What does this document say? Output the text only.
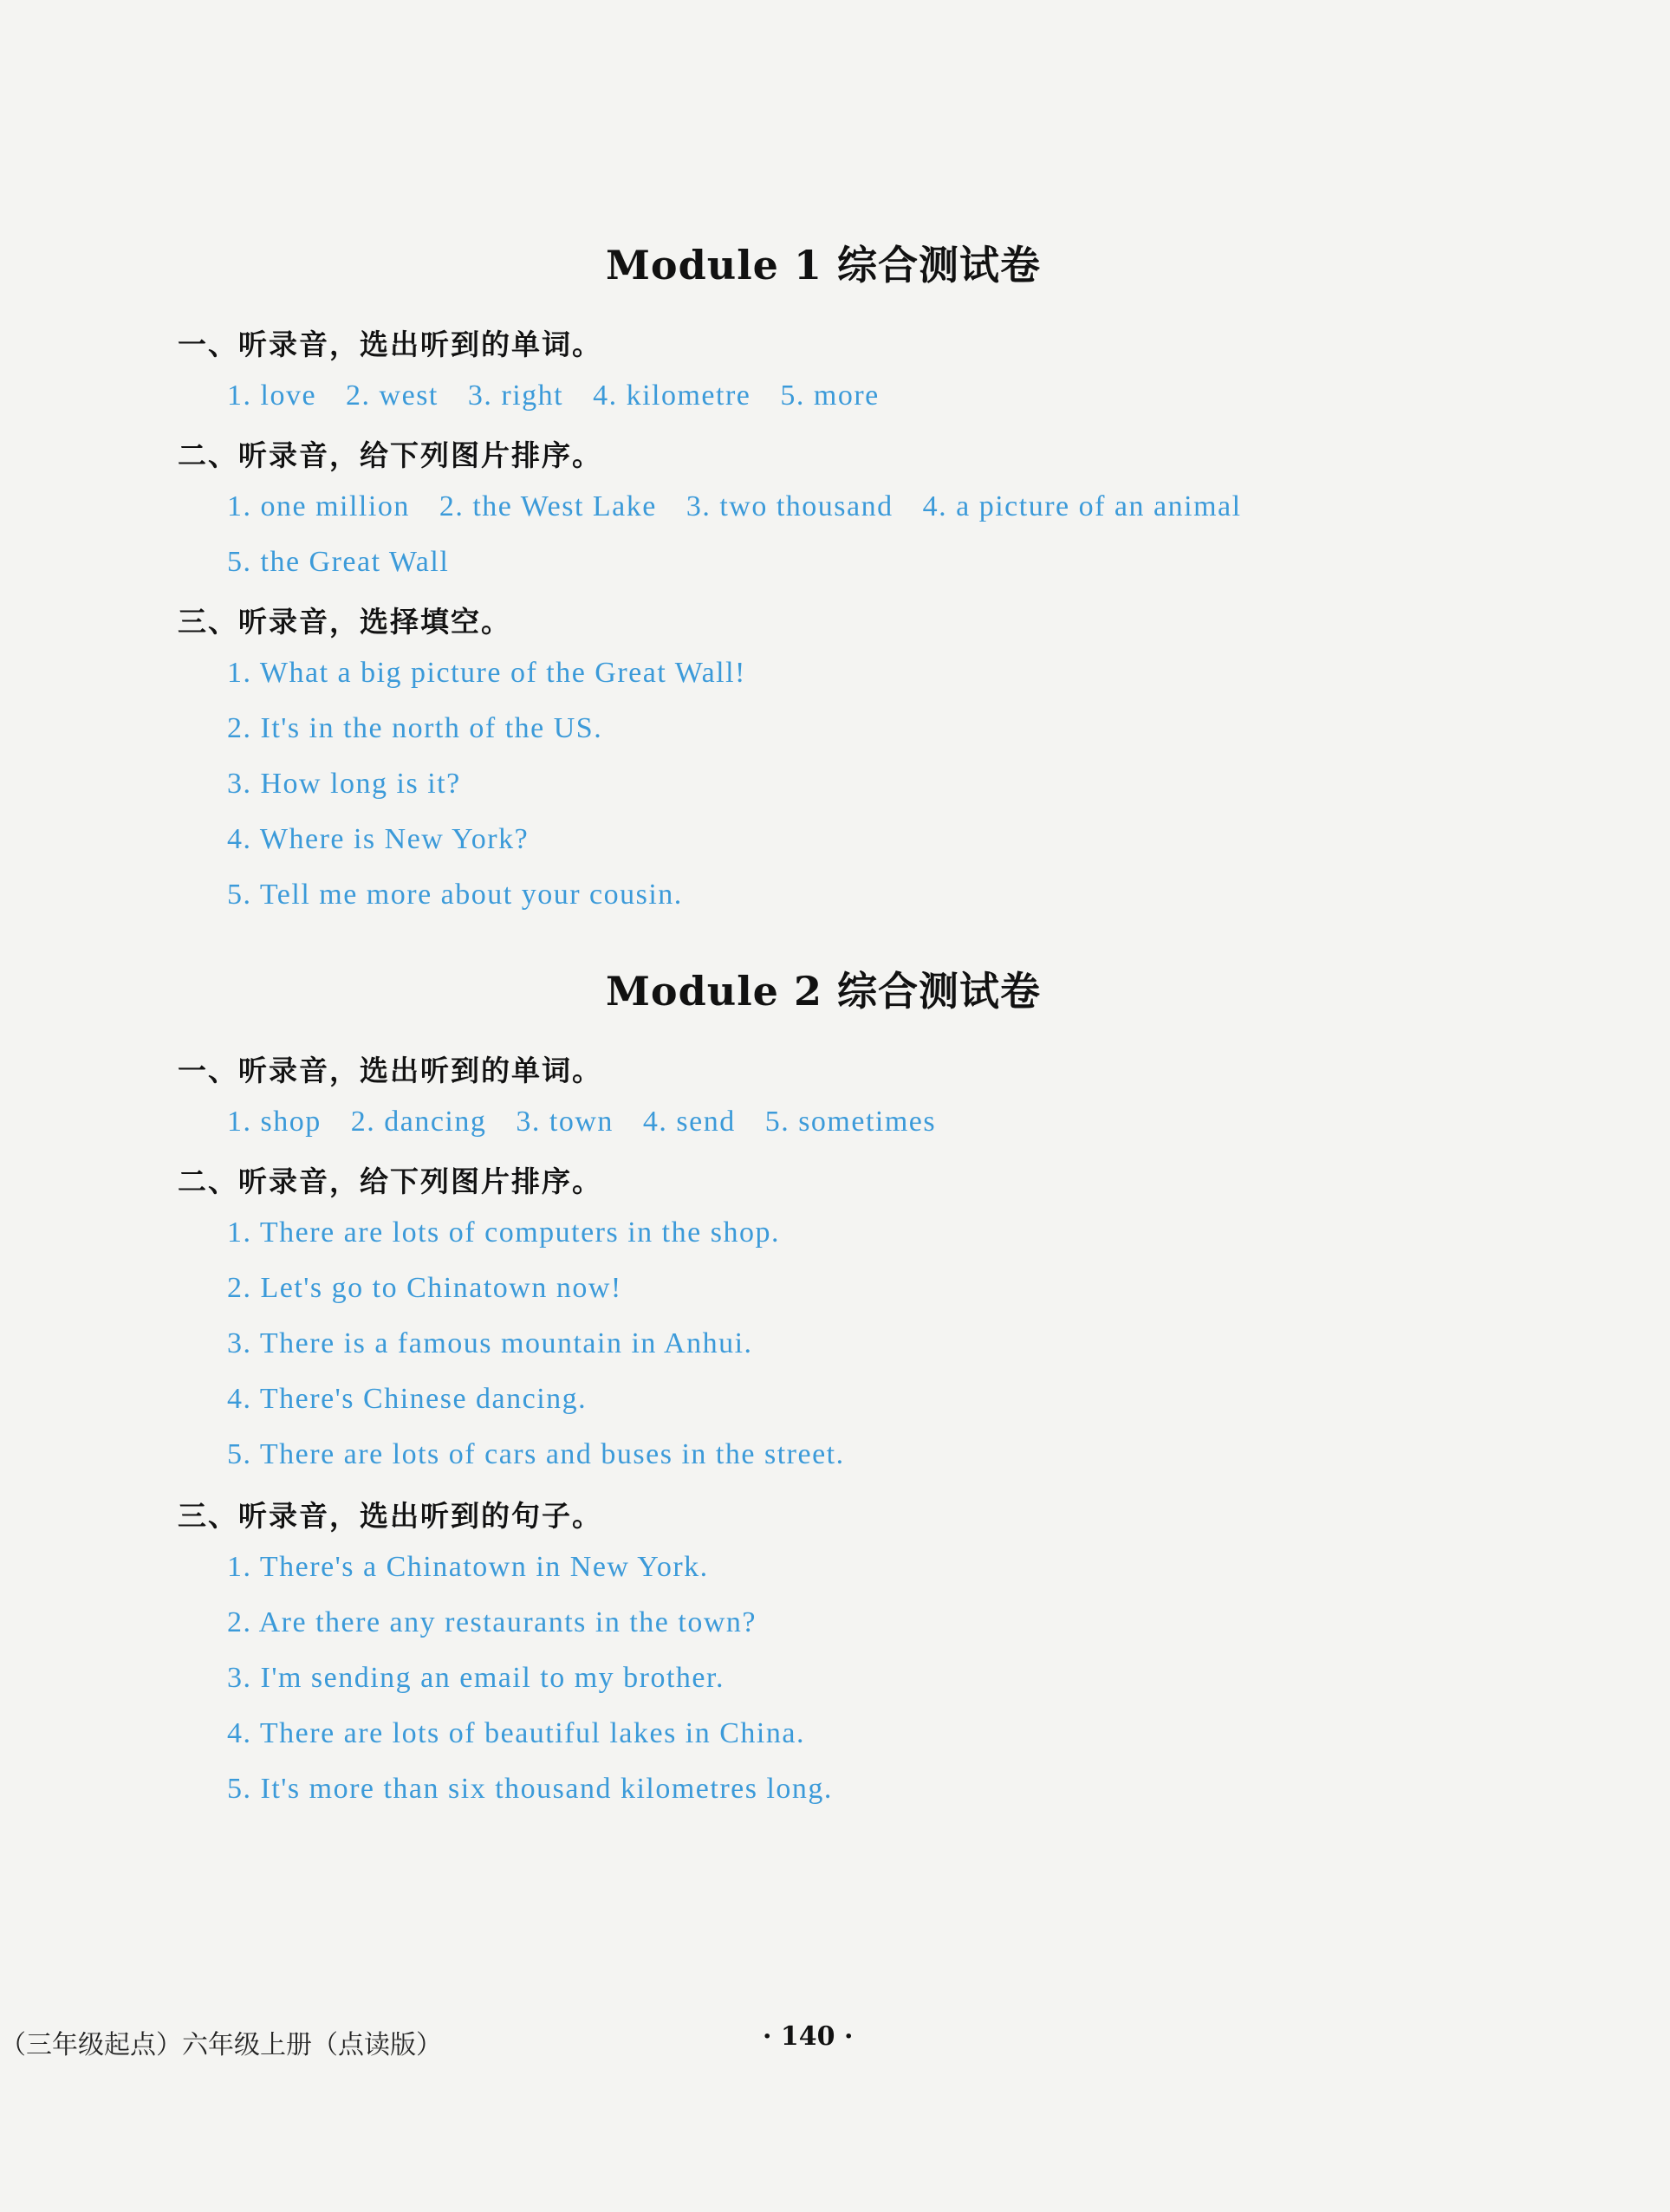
Module 1 综合测试卷
一、听录音，选出听到的单词。
1. love 2. west 3. right 4. kilometre 5. more
二、听录音，给下列图片排序。
1. one million 2. the West Lake 3. two thousand 4. a picture of an animal
5. the Great Wall
三、听录音，选择填空。
1. What a big picture of the Great Wall!
2. It's in the north of the US.
3. How long is it?
4. Where is New York?
5. Tell me more about your cousin.
Module 2 综合测试卷
一、听录音，选出听到的单词。
1. shop 2. dancing 3. town 4. send 5. sometimes
二、听录音，给下列图片排序。
1. There are lots of computers in the shop.
2. Let's go to Chinatown now!
3. There is a famous mountain in Anhui.
4. There's Chinese dancing.
5. There are lots of cars and buses in the street.
三、听录音，选出听到的句子。
1. There's a Chinatown in New York.
2. Are there any restaurants in the town?
3. I'm sending an email to my brother.
4. There are lots of beautiful lakes in China.
5. It's more than six thousand kilometres long.
（三年级起点）六年级上册（点读版）	· 140 ·
